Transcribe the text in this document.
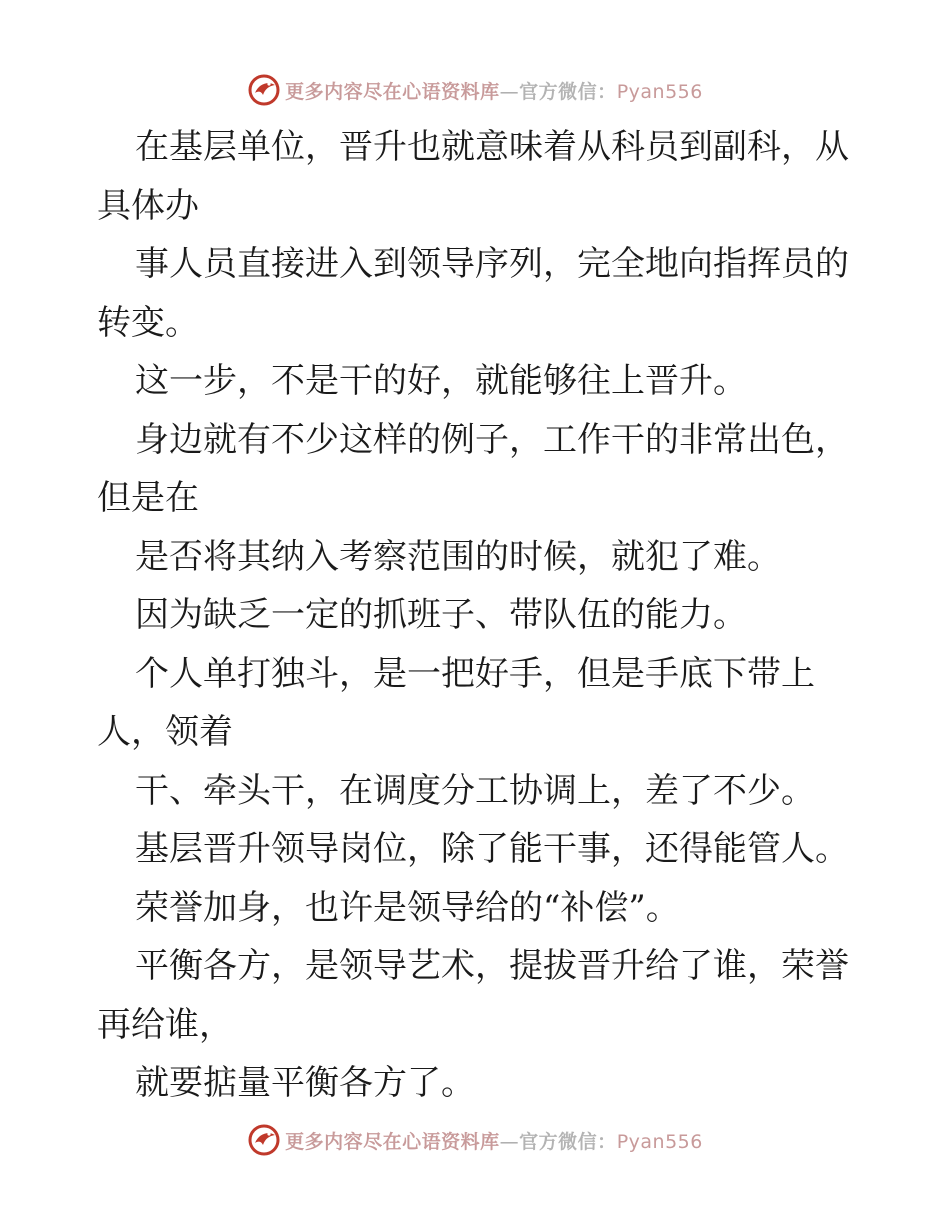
更多内容尽在心语资料库—官方微信：Pyan556
在基层单位，晋升也就意味着从科员到副科，从
具体办
事人员直接进入到领导序列，完全地向指挥员的
转变。
这一步，不是干的好，就能够往上晋升。
身边就有不少这样的例子，工作干的非常出色，
但是在
是否将其纳入考察范围的时候，就犯了难。
因为缺乏一定的抓班子、带队伍的能力。
个人单打独斗，是一把好手，但是手底下带上
人，领着
干、牵头干，在调度分工协调上，差了不少。
基层晋升领导岗位，除了能干事，还得能管人。
荣誉加身，也许是领导给的“补偿”。
平衡各方，是领导艺术，提拔晋升给了谁，荣誉
再给谁，
就要掂量平衡各方了。
更多内容尽在心语资料库—官方微信：Pyan556
